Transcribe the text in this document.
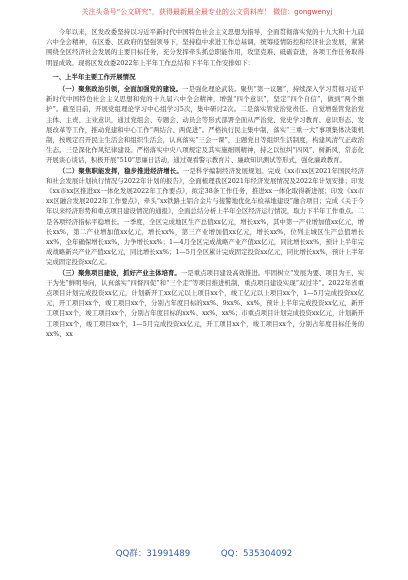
关注头条号“公文研究”，获得最新最全最专业的公文资料库！ 微信：gongwenyj

今年以来，区发改委坚持以习近平新时代中国特色社会主义思想为指导，全面贯彻落实党的十九大和十九届六中全会精神，在区委、区政府的坚强领导下，坚持稳中求进工作总基调，统筹疫情防控和经济社会发展，紧紧围绕全区经济社会发展的主要目标任务，充分发挥牵头抓总职能作用，攻坚克难、砥砺奋进，各项工作任务取得明显成效。现将区发改委2022年上半年工作总结和下半年工作安排如下：

一、上半年主要工作开展情况

（一）聚焦政治引领，全面加强党的建设。一是强化理论武装。聚焦“第一议题”，持续深入学习贯彻习近平新时代中国特色社会主义思想和党的十九届六中全会精神，增强“四个意识”，坚定“四个自信”，做到“两个维护”。截至目前，开展党组理论学习中心组学习5次，集中研讨2次。二是落实管党治党责任。自觉增强管党治党主体、主责、主业意识，通过党组会、专题会、动员会等形式部署全面从严治党、党史学习教育、意识形态、发展改革等工作，推动党建和中心工作“两结合、两促进”。严格执行民主集中制，落实“三重一大”事项集体决策机制，按规定召开民主生活会和组织生活会，认真落实“三会一课”，主题党日等组织生活制度，构建风清气正政治生态。三是深化作风纪律建设。严格落实中央八项规定及其实施细则精神，持之以恒纠“四风”、树新风，常态化开展谈心谈话，积极开展“510”思廉日活动，通过观看警示教育片、廉政知识测试等形式，强化廉政教育。

（二）聚焦职能发挥，稳步推进经济增长。一是科学编制经济发展规划。完成《xx市xx区2021年国民经济和社会发展计划执行情况与2022年计划的报告》，全面梳理我区2021年经济发展情况及2022年计划安排；印发《xx市xx区推进xx一体化发展2022年工作要点》，拟定38条工作任务，推进xx一体化取得新进展；印发《xx市xx区融合发展2022年工作要点》，牵头“xx铁路土铝合金片与接警地优化车检基地建设”融合项目；完成《关于今年以来经济形势和重点项目建设情况的通报》，全面总结分析上半年全区经济运行情况，取力下半年工作重点。二是各项经济指标平稳增长。一季度，全区完成地区生产总值xx亿元，增长xx%，其中第一产业增加值xx亿元，增长xx%，第二产业增加值xx亿元，增长xx%，第三产业增加值xx亿元，增长xx%，位列主城区生产总值增长xx%，全年确保增长xx%，力争增长xx%；1—4月全区完成战略产业产值xx亿元，同比增长xx%，预计上半年完成战略新兴产业产值xx亿元，同比增长xx%；1—5月全区累计完成固定投资xx亿元，同比增长xx%，预计上半年完成固定投资xx亿元。

（三）聚焦项目建设，抓好产业主体培育。一是重点项目建设高效推进。牢固树立“发展为要、项目为王、实干为先”鲜明导向，认真落实“四督四促”和“三个走”等项目推进机制，重点项目建设实现“双过半”。2022年省重点项目计划完成投资xx亿元，计划新开工xx亿元以上项目xx个，竣工亿元以上项目xx个，1—5月完成投资xx亿元，开工项目xx个，竣工项目xx个，分别占年度目标的xx%、9xx%、xx%，预计上半年完成投资xx亿元，新开工项目xx个，竣工项目xx个，分别占年度目标的xx%、xx%、xx%；市重点项目计划完成投资xx亿元，计划新开工项目xx个，竣工项目xx个，1—5月完成投资xx亿元，开工项目xx个，竣工项目xx个，分别占年度目标任务的xx%、xx

QQ群：31991489	QQ：535304092
